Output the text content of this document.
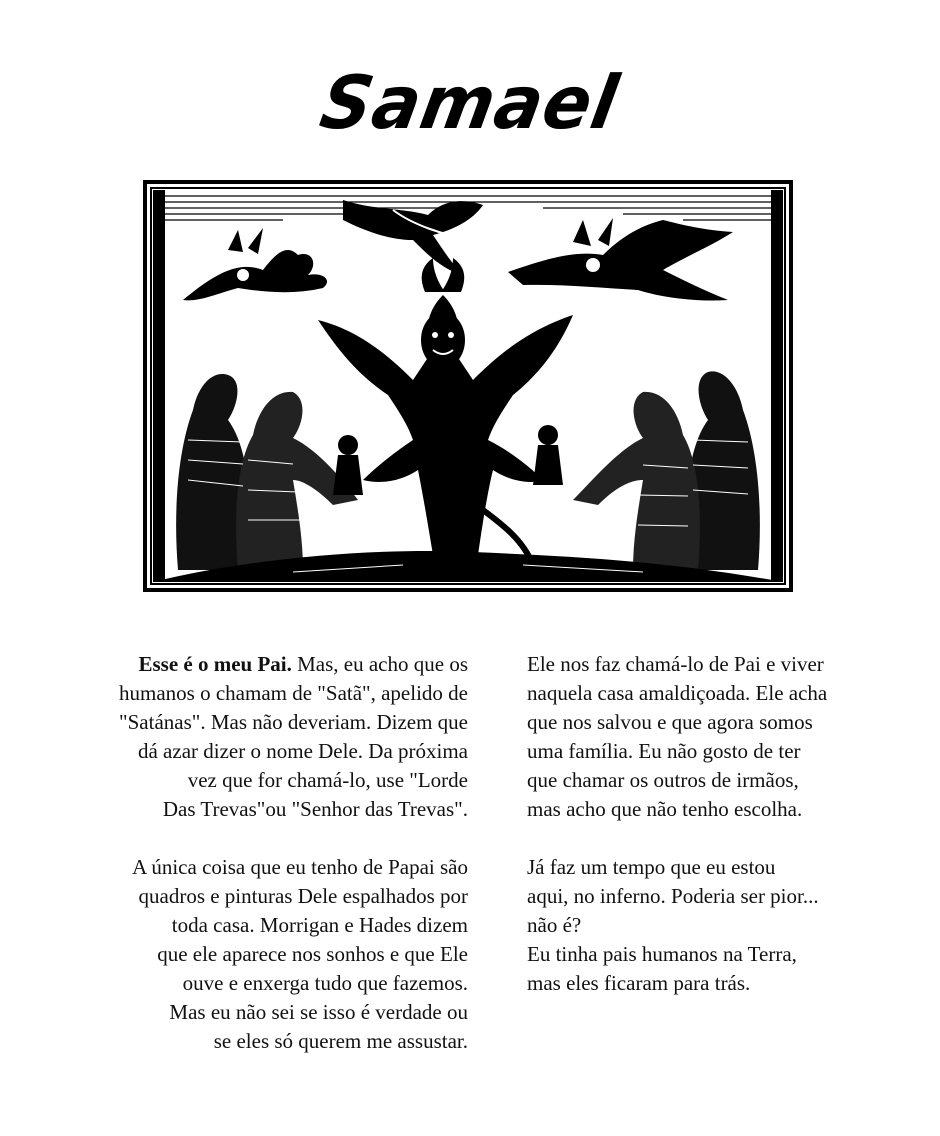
Samael
Esse é o meu Pai. Mas, eu acho que os
humanos o chamam de "Satã", apelido de
"Satánas". Mas não deveriam. Dizem que
dá azar dizer o nome Dele. Da próxima
vez que for chamá-lo, use "Lorde
Das Trevas"ou "Senhor das Trevas".
A única coisa que eu tenho de Papai são
quadros e pinturas Dele espalhados por
toda casa. Morrigan e Hades dizem
que ele aparece nos sonhos e que Ele
ouve e enxerga tudo que fazemos.
Mas eu não sei se isso é verdade ou
se eles só querem me assustar.
Ele nos faz chamá-lo de Pai e viver
naquela casa amaldiçoada. Ele acha
que nos salvou e que agora somos
uma família. Eu não gosto de ter
que chamar os outros de irmãos,
mas acho que não tenho escolha.
Já faz um tempo que eu estou
aqui, no inferno. Poderia ser pior...
não é?
Eu tinha pais humanos na Terra,
mas eles ficaram para trás.
